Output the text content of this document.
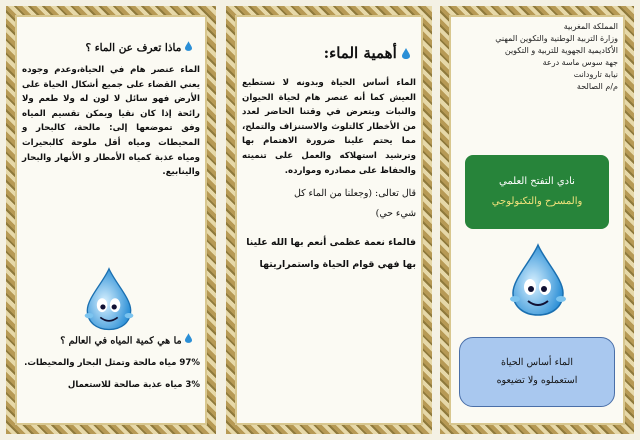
المملكة المغربية
وزارة التربية الوطنية والتكوين المهني
الأكاديمية الجهوية للتربية و التكوين
جهة سوس ماسة درعة
نيابة تارودانت
م/م الصالحة
نادي التفتح العلمي
والمسرح والتكنولوجي
الماء أساس الحياة
استعملوه ولا تضيعوه
أهمية الماء:

الماء أساس الحياة وبدونه لا نستطيع العيش كما أنه عنصر هام لحياة الحيوان والنبات ويتعرض في وقتنا الحاضر لعدد من الأخطار كالتلوث والاستنزاف والتملح، مما يحتم علينا ضرورة الاهتمام بها وترشيد استهلاكه والعمل على تنميته والحفاظ على مصادره وموارده.

قال تعالى: (وجعلنا من الماء كل
شيء حي)

فالماء نعمة عظمى أنعم بها الله علينا بها فهي قوام الحياة واستمراريتها

ماذا تعرف عن الماء ؟

الماء عنصر هام في الحياة،وعدم وجوده يعني القضاء على جميع أشكال الحياة على الأرض فهو سائل لا لون له ولا طعم ولا رائحة إذا كان نقيا ويمكن تقسيم المياه وفق تموضعها إلى: مالحة، كالبحار و المحيطات ومياه أقل ملوحة كالبحيرات ومياه عذبة كمياه الأمطار و الأنهار والبحار والينابيع.

ما هي كمية المياه في العالم ؟

97% مياه مالحة وتمثل البحار والمحيطات.

3% مياه عذبة صالحة للاستعمال
